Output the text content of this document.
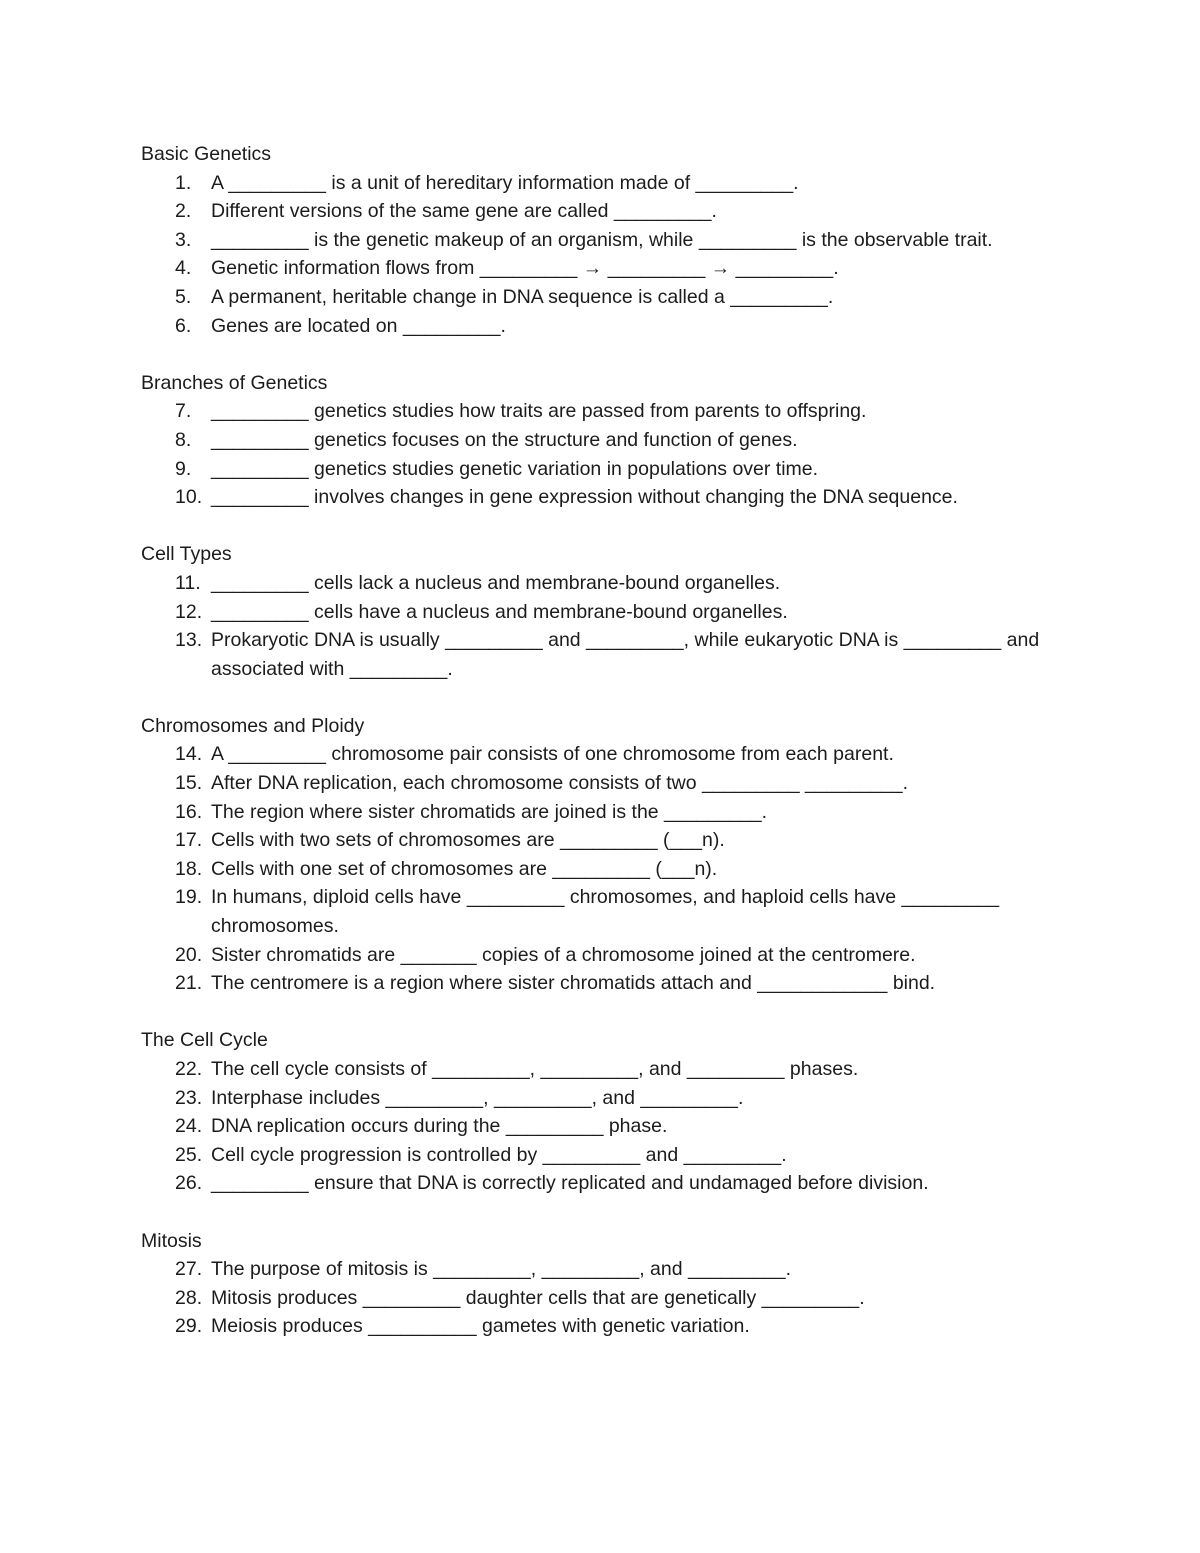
Basic Genetics
1. A _________ is a unit of hereditary information made of _________.
2. Different versions of the same gene are called _________.
3. _________ is the genetic makeup of an organism, while _________ is the observable trait.
4. Genetic information flows from _________ → _________ → _________.
5. A permanent, heritable change in DNA sequence is called a _________.
6. Genes are located on _________.
Branches of Genetics
7. _________ genetics studies how traits are passed from parents to offspring.
8. _________ genetics focuses on the structure and function of genes.
9. _________ genetics studies genetic variation in populations over time.
10. _________ involves changes in gene expression without changing the DNA sequence.
Cell Types
11. _________ cells lack a nucleus and membrane-bound organelles.
12. _________ cells have a nucleus and membrane-bound organelles.
13. Prokaryotic DNA is usually _________ and _________, while eukaryotic DNA is _________ and associated with _________.
Chromosomes and Ploidy
14. A _________ chromosome pair consists of one chromosome from each parent.
15. After DNA replication, each chromosome consists of two _________ _________.
16. The region where sister chromatids are joined is the _________.
17. Cells with two sets of chromosomes are _________ (___n).
18. Cells with one set of chromosomes are _________ (___n).
19. In humans, diploid cells have _________ chromosomes, and haploid cells have _________ chromosomes.
20. Sister chromatids are _______ copies of a chromosome joined at the centromere.
21. The centromere is a region where sister chromatids attach and ____________ bind.
The Cell Cycle
22. The cell cycle consists of _________, _________, and _________ phases.
23. Interphase includes _________, _________, and _________.
24. DNA replication occurs during the _________ phase.
25. Cell cycle progression is controlled by _________ and _________.
26. _________ ensure that DNA is correctly replicated and undamaged before division.
Mitosis
27. The purpose of mitosis is _________, _________, and _________.
28. Mitosis produces _________ daughter cells that are genetically _________.
29. Meiosis produces __________ gametes with genetic variation.
